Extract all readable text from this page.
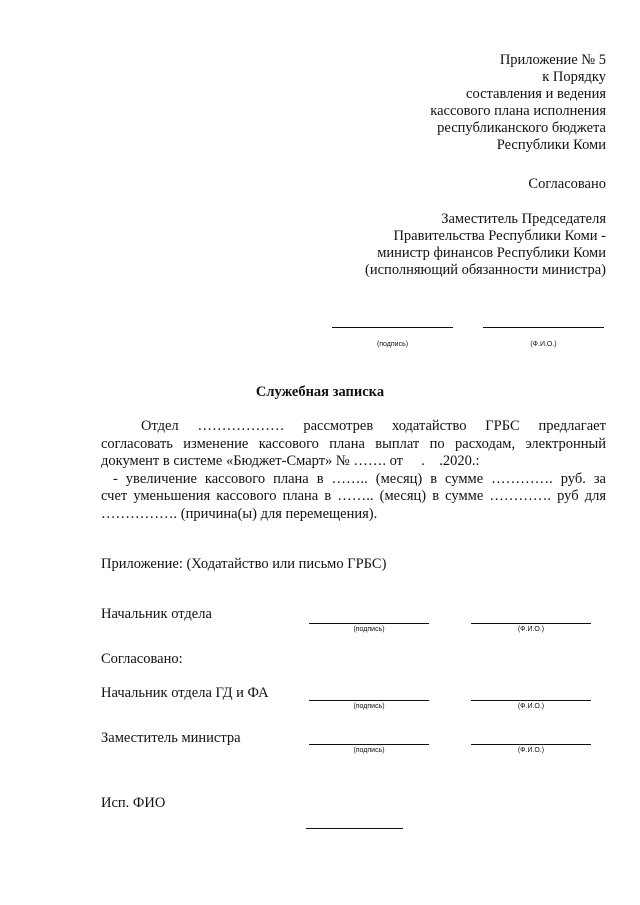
Приложение № 5
к Порядку
составления и ведения
кассового плана исполнения
республиканского бюджета
Республики Коми
Согласовано
Заместитель Председателя
Правительства Республики Коми -
министр финансов Республики Коми
(исполняющий обязанности министра)
(подпись)	(Ф.И.О.)
Служебная записка
Отдел ……………… рассмотрев ходатайство ГРБС предлагает
согласовать изменение кассового плана выплат по расходам, электронный
документ в системе «Бюджет-Смарт» № ……. от     .    .2020.:
- увеличение кассового плана в …….. (месяц) в сумме …………. руб. за
счет уменьшения кассового плана в …….. (месяц) в сумме …………. руб для
……………. (причина(ы) для перемещения).
Приложение: (Ходатайство или письмо ГРБС)
Начальник отдела
(подпись)	(Ф.И.О.)
Согласовано:
Начальник отдела ГД и ФА
(подпись)	(Ф.И.О.)
Заместитель министра
(подпись)	(Ф.И.О.)
Исп. ФИО
